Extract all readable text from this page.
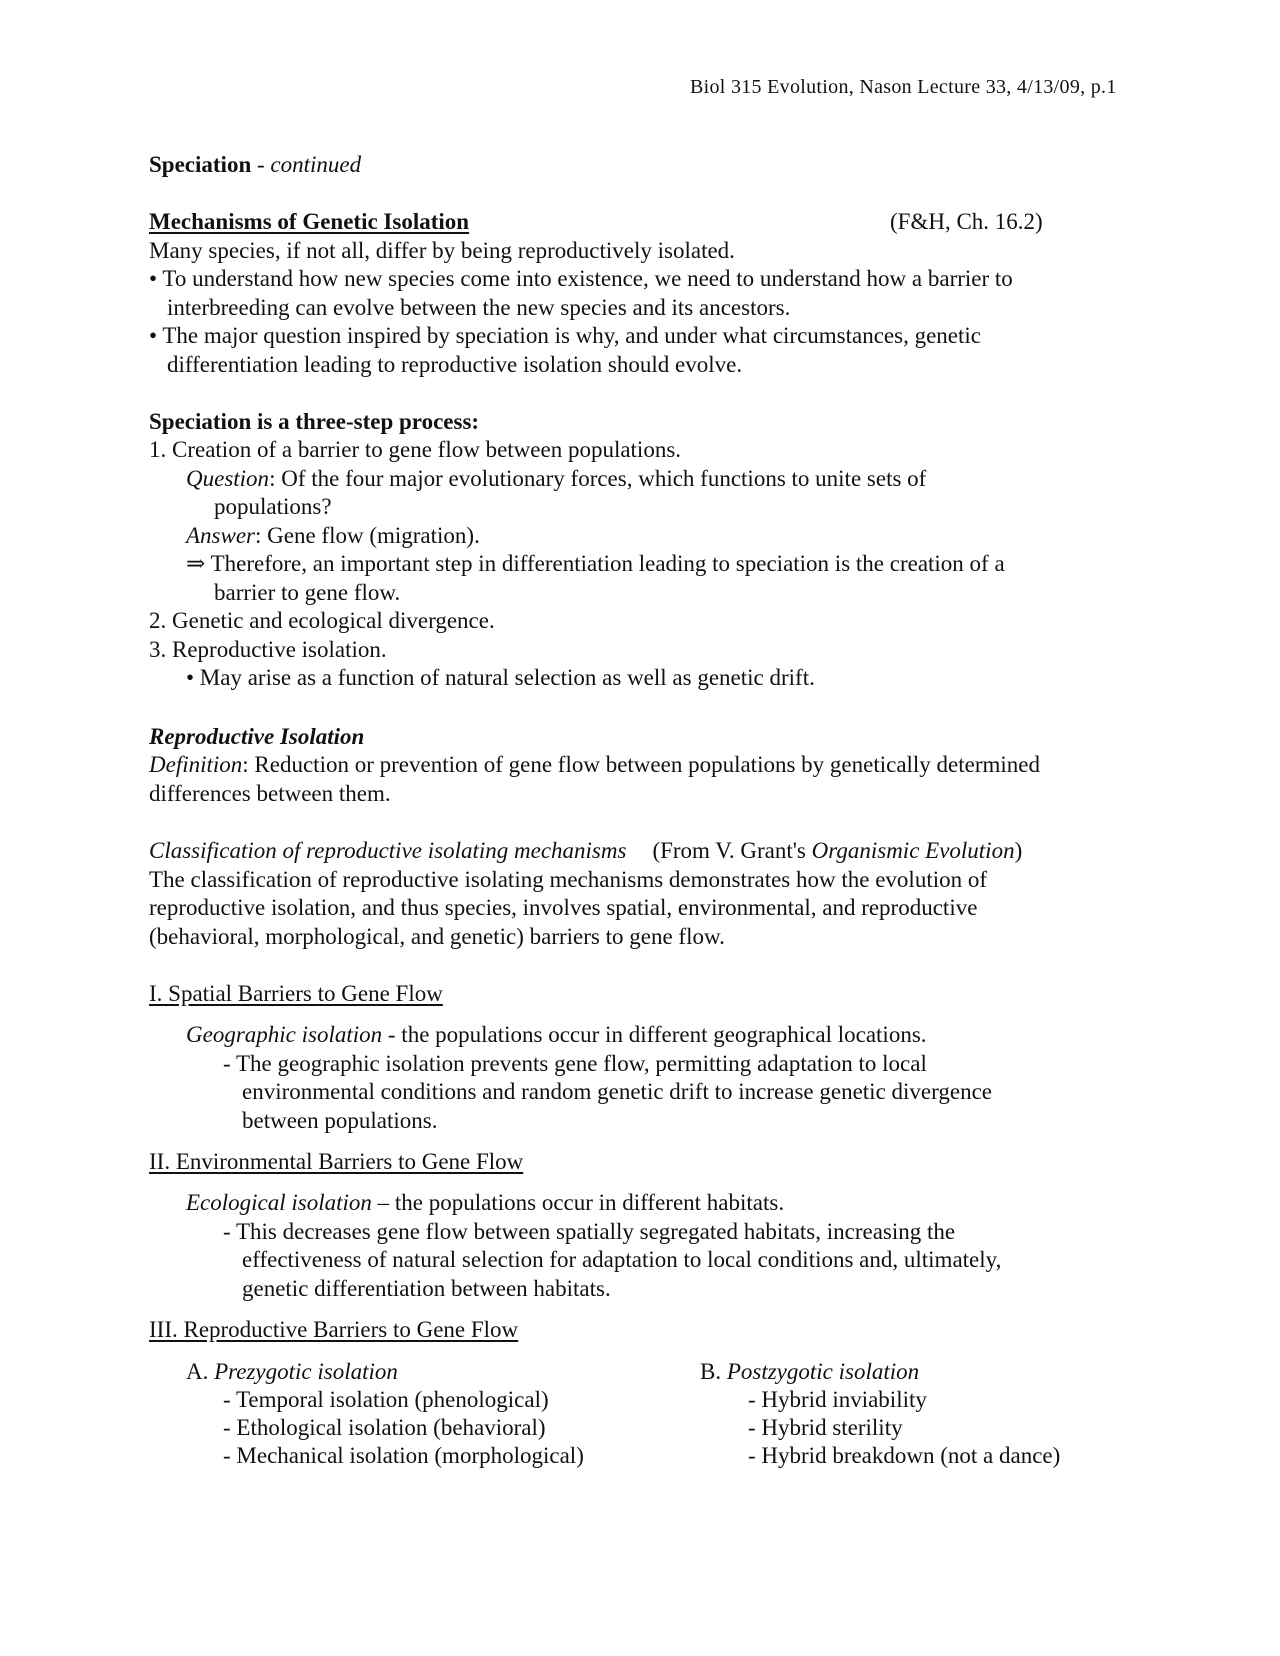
Biol 315 Evolution, Nason Lecture 33, 4/13/09, p.1
Speciation - continued
Mechanisms of Genetic Isolation	(F&H, Ch. 16.2)
Many species, if not all, differ by being reproductively isolated.
• To understand how new species come into existence, we need to understand how a barrier to
interbreeding can evolve between the new species and its ancestors.
• The major question inspired by speciation is why, and under what circumstances, genetic
differentiation leading to reproductive isolation should evolve.
Speciation is a three-step process:
1. Creation of a barrier to gene flow between populations.
Question: Of the four major evolutionary forces, which functions to unite sets of
populations?
Answer: Gene flow (migration).
⇒ Therefore, an important step in differentiation leading to speciation is the creation of a
barrier to gene flow.
2. Genetic and ecological divergence.
3. Reproductive isolation.
• May arise as a function of natural selection as well as genetic drift.
Reproductive Isolation
Definition: Reduction or prevention of gene flow between populations by genetically determined
differences between them.
Classification of reproductive isolating mechanisms (From V. Grant's Organismic Evolution)
The classification of reproductive isolating mechanisms demonstrates how the evolution of
reproductive isolation, and thus species, involves spatial, environmental, and reproductive
(behavioral, morphological, and genetic) barriers to gene flow.
I. Spatial Barriers to Gene Flow
Geographic isolation - the populations occur in different geographical locations.
- The geographic isolation prevents gene flow, permitting adaptation to local
environmental conditions and random genetic drift to increase genetic divergence
between populations.
II. Environmental Barriers to Gene Flow
Ecological isolation – the populations occur in different habitats.
- This decreases gene flow between spatially segregated habitats, increasing the
effectiveness of natural selection for adaptation to local conditions and, ultimately,
genetic differentiation between habitats.
III. Reproductive Barriers to Gene Flow
A. Prezygotic isolation
- Temporal isolation (phenological)
- Ethological isolation (behavioral)
- Mechanical isolation (morphological)
B. Postzygotic isolation
- Hybrid inviability
- Hybrid sterility
- Hybrid breakdown (not a dance)
